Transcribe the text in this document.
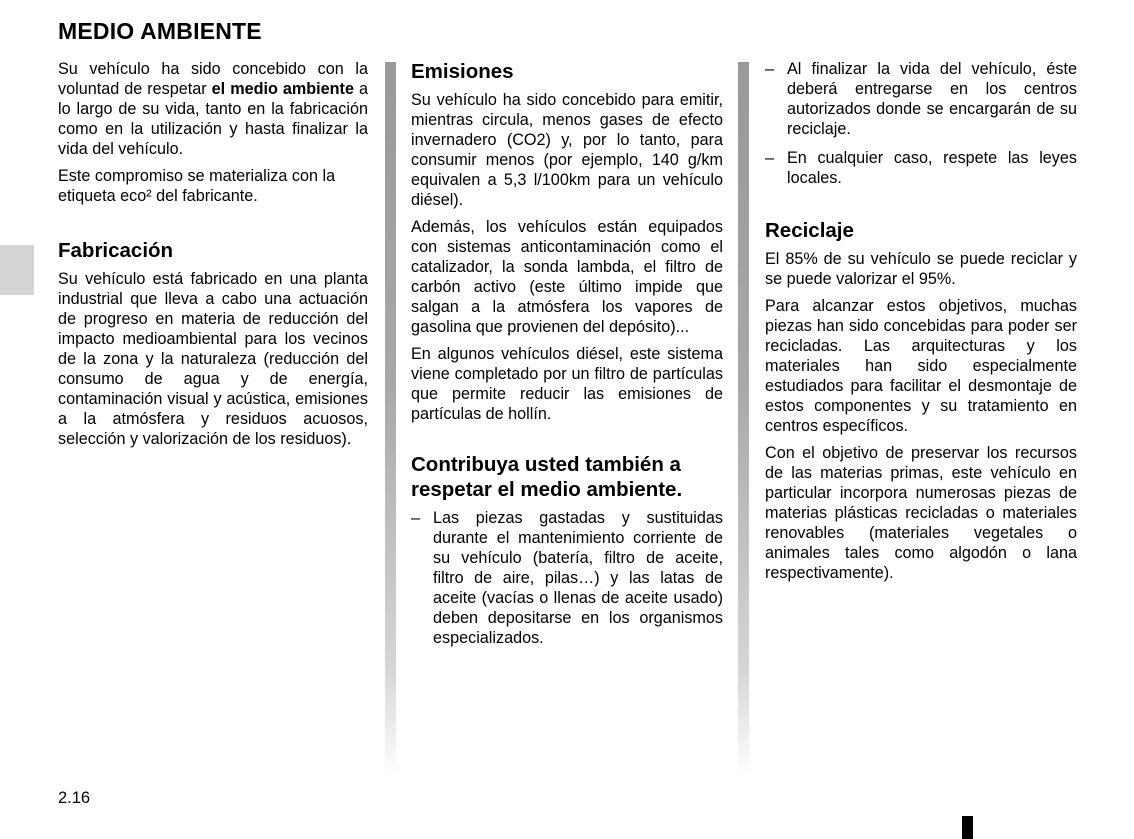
MEDIO AMBIENTE

Su vehículo ha sido concebido con la voluntad de respetar el medio ambiente a lo largo de su vida, tanto en la fabricación como en la utilización y hasta finalizar la vida del vehículo.

Este compromiso se materializa con la etiqueta eco² del fabricante.

Fabricación

Su vehículo está fabricado en una planta industrial que lleva a cabo una actuación de progreso en materia de reducción del impacto medioambiental para los vecinos de la zona y la naturaleza (reducción del consumo de agua y de energía, contaminación visual y acústica, emisiones a la atmósfera y residuos acuosos, selección y valorización de los residuos).

Emisiones

Su vehículo ha sido concebido para emitir, mientras circula, menos gases de efecto invernadero (CO2) y, por lo tanto, para consumir menos (por ejemplo, 140 g/km equivalen a 5,3 l/100km para un vehículo diésel).

Además, los vehículos están equipados con sistemas anticontaminación como el catalizador, la sonda lambda, el filtro de carbón activo (este último impide que salgan a la atmósfera los vapores de gasolina que provienen del depósito)...

En algunos vehículos diésel, este sistema viene completado por un filtro de partículas que permite reducir las emisiones de partículas de hollín.

Contribuya usted también a respetar el medio ambiente.
– Las piezas gastadas y sustituidas durante el mantenimiento corriente de su vehículo (batería, filtro de aceite, filtro de aire, pilas…) y las latas de aceite (vacías o llenas de aceite usado) deben depositarse en los organismos especializados.
– Al finalizar la vida del vehículo, éste deberá entregarse en los centros autorizados donde se encargarán de su reciclaje.
– En cualquier caso, respete las leyes locales.
Reciclaje

El 85% de su vehículo se puede reciclar y se puede valorizar el 95%.

Para alcanzar estos objetivos, muchas piezas han sido concebidas para poder ser recicladas. Las arquitecturas y los materiales han sido especialmente estudiados para facilitar el desmontaje de estos componentes y su tratamiento en centros específicos.

Con el objetivo de preservar los recursos de las materias primas, este vehículo en particular incorpora numerosas piezas de materias plásticas recicladas o materiales renovables (materiales vegetales o animales tales como algodón o lana respectivamente).

2.16
